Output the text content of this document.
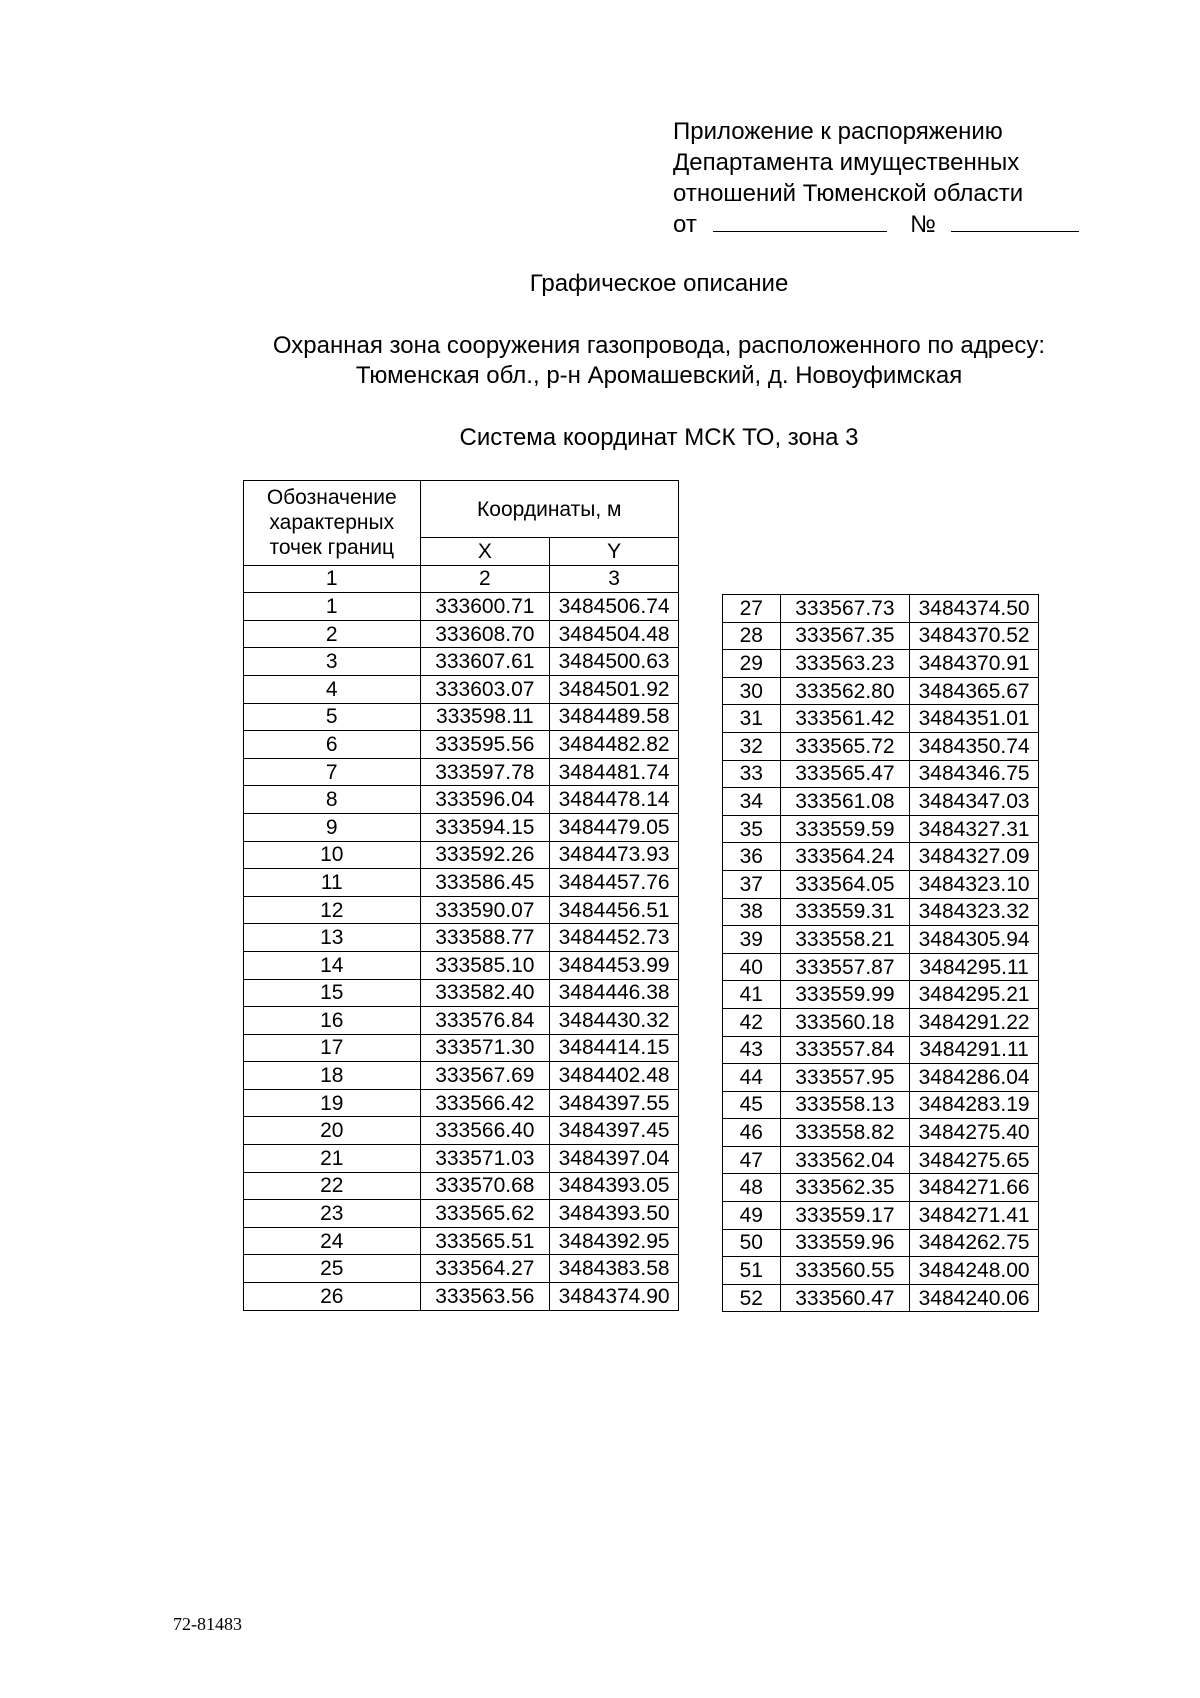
Приложение к распоряжению
Департамента имущественных
отношений Тюменской области
от	№
Графическое описание
Охранная зона сооружения газопровода, расположенного по адресу:
Тюменская обл., р-н Аромашевский, д. Новоуфимская
Система координат МСК ТО, зона 3
Обозначение характерных точек границ	Координаты, м	
	X	Y
1	2	3
1	333600.71	3484506.74
2	333608.70	3484504.48
3	333607.61	3484500.63
4	333603.07	3484501.92
5	333598.11	3484489.58
6	333595.56	3484482.82
7	333597.78	3484481.74
8	333596.04	3484478.14
9	333594.15	3484479.05
10	333592.26	3484473.93
11	333586.45	3484457.76
12	333590.07	3484456.51
13	333588.77	3484452.73
14	333585.10	3484453.99
15	333582.40	3484446.38
16	333576.84	3484430.32
17	333571.30	3484414.15
18	333567.69	3484402.48
19	333566.42	3484397.55
20	333566.40	3484397.45
21	333571.03	3484397.04
22	333570.68	3484393.05
23	333565.62	3484393.50
24	333565.51	3484392.95
25	333564.27	3484383.58
26	333563.56	3484374.90
27	333567.73	3484374.50
28	333567.35	3484370.52
29	333563.23	3484370.91
30	333562.80	3484365.67
31	333561.42	3484351.01
32	333565.72	3484350.74
33	333565.47	3484346.75
34	333561.08	3484347.03
35	333559.59	3484327.31
36	333564.24	3484327.09
37	333564.05	3484323.10
38	333559.31	3484323.32
39	333558.21	3484305.94
40	333557.87	3484295.11
41	333559.99	3484295.21
42	333560.18	3484291.22
43	333557.84	3484291.11
44	333557.95	3484286.04
45	333558.13	3484283.19
46	333558.82	3484275.40
47	333562.04	3484275.65
48	333562.35	3484271.66
49	333559.17	3484271.41
50	333559.96	3484262.75
51	333560.55	3484248.00
52	333560.47	3484240.06
72-81483
